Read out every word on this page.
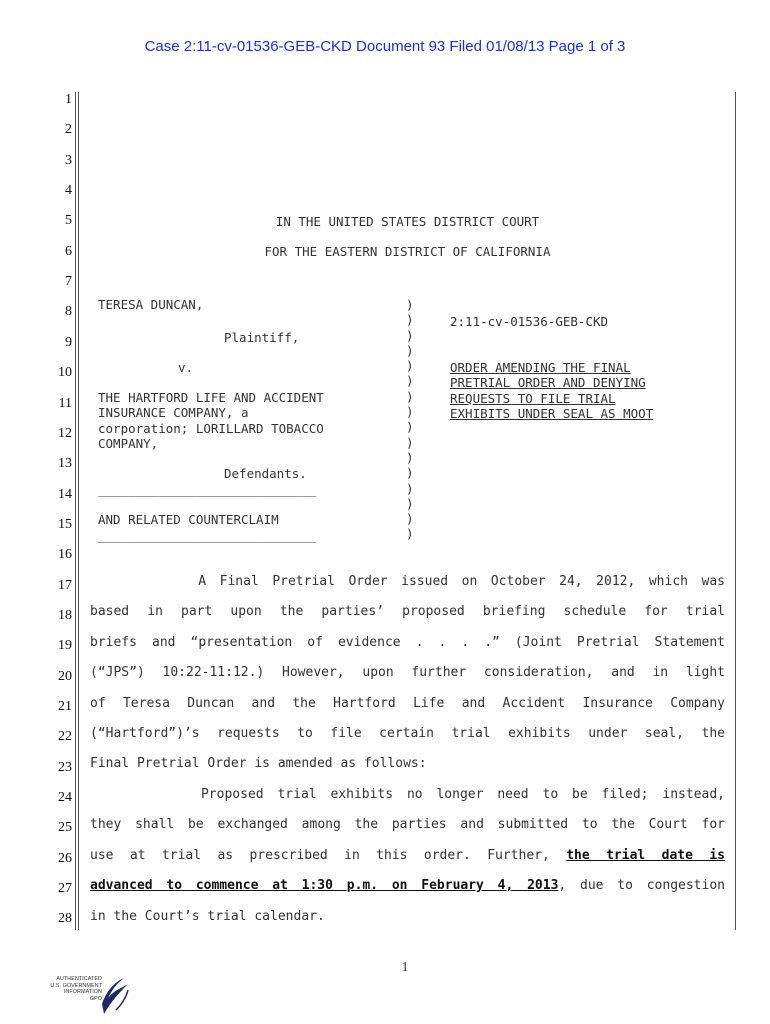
Case 2:11-cv-01536-GEB-CKD Document 93 Filed 01/08/13 Page 1 of 3
1
2
3
4
5
6
7
8
9
10
11
12
13
14
15
16
17
18
19
20
21
22
23
24
25
26
27
28
IN THE UNITED STATES DISTRICT COURT
FOR THE EASTERN DISTRICT OF CALIFORNIA
TERESA DUNCAN,
Plaintiff,
v.
THE HARTFORD LIFE AND ACCIDENT
INSURANCE COMPANY, a
corporation; LORILLARD TOBACCO
COMPANY,
Defendants.
_____________________________
AND RELATED COUNTERCLAIM
_____________________________
)
)
)
)
)
)
)
)
)
)
)
)
)
)
)
)
2:11-cv-01536-GEB-CKD
ORDER AMENDING THE FINAL
PRETRIAL ORDER AND DENYING
REQUESTS TO FILE TRIAL
EXHIBITS UNDER SEAL AS MOOT
A Final Pretrial Order issued on October 24, 2012, which was
based in part upon the parties’ proposed briefing schedule for trial
briefs and “presentation of evidence . . . .” (Joint Pretrial Statement
(“JPS”) 10:22-11:12.) However, upon further consideration, and in light
of Teresa Duncan and the Hartford Life and Accident Insurance Company
(“Hartford”)’s requests to file certain trial exhibits under seal, the
Final Pretrial Order is amended as follows:
Proposed trial exhibits no longer need to be filed; instead,
they shall be exchanged among the parties and submitted to the Court for
use at trial as prescribed in this order. Further, the trial date is
advanced to commence at 1:30 p.m. on February 4, 2013, due to congestion
in the Court’s trial calendar.
1
AUTHENTICATED
U.S. GOVERNMENT
INFORMATION
GPO
